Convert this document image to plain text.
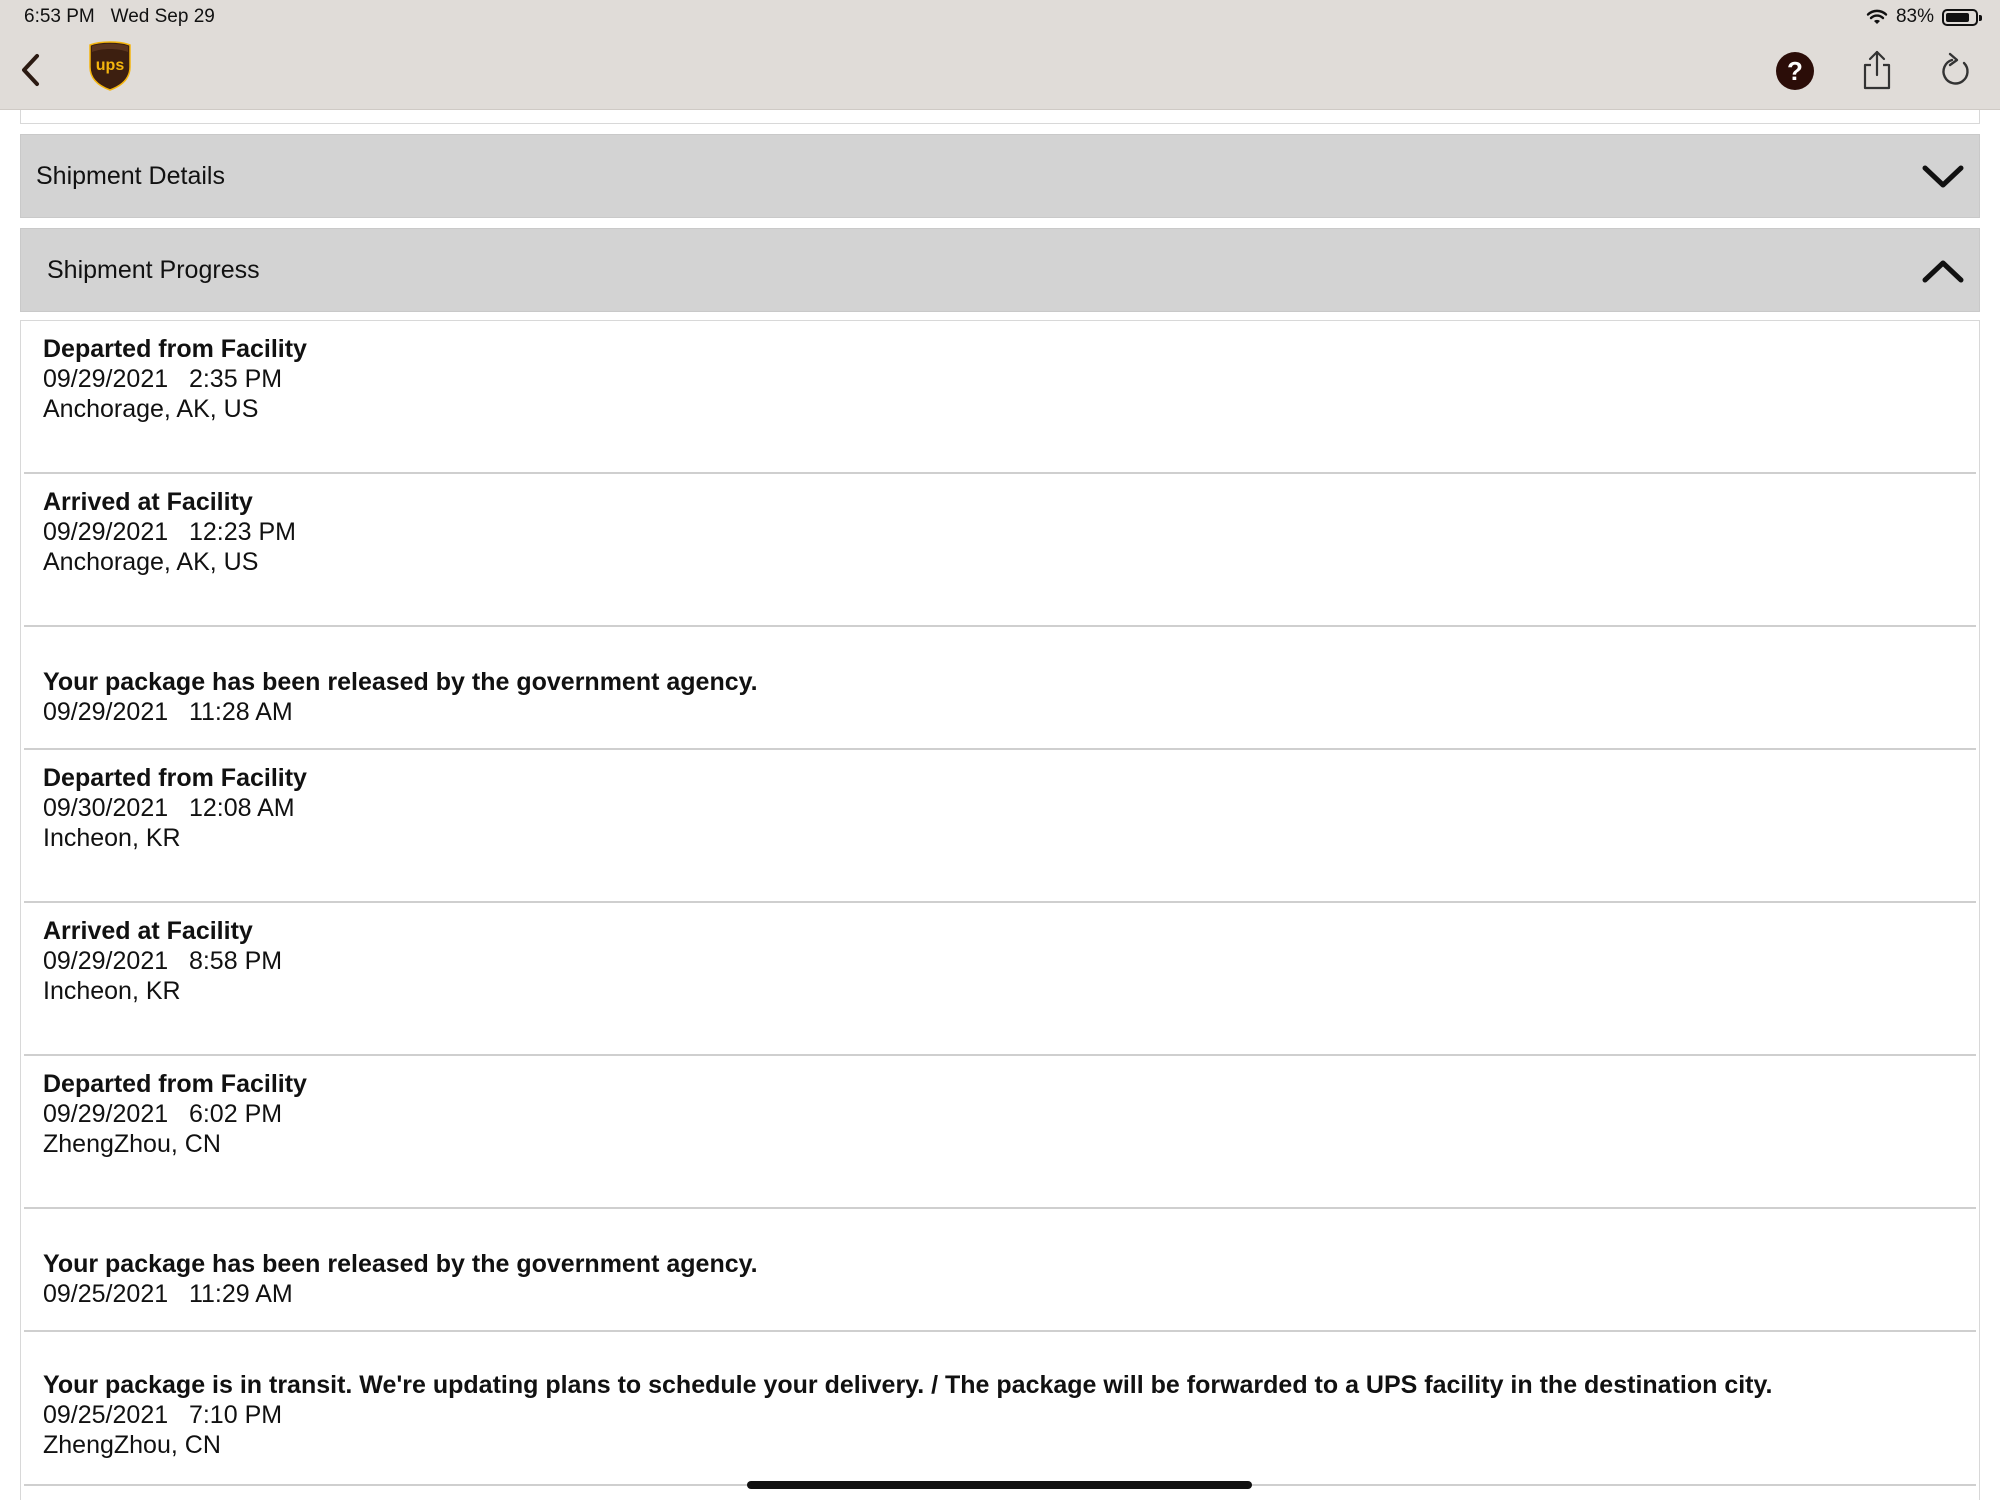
6:53 PM Wed Sep 29	83%
ups	?
Shipment Details
Shipment Progress
Departed from Facility
09/29/2021   2:35 PM
Anchorage, AK, US
Arrived at Facility
09/29/2021   12:23 PM
Anchorage, AK, US
Your package has been released by the government agency.
09/29/2021   11:28 AM
Departed from Facility
09/30/2021   12:08 AM
Incheon, KR
Arrived at Facility
09/29/2021   8:58 PM
Incheon, KR
Departed from Facility
09/29/2021   6:02 PM
ZhengZhou, CN
Your package has been released by the government agency.
09/25/2021   11:29 AM
Your package is in transit. We're updating plans to schedule your delivery. / The package will be forwarded to a UPS facility in the destination city.
09/25/2021   7:10 PM
ZhengZhou, CN
